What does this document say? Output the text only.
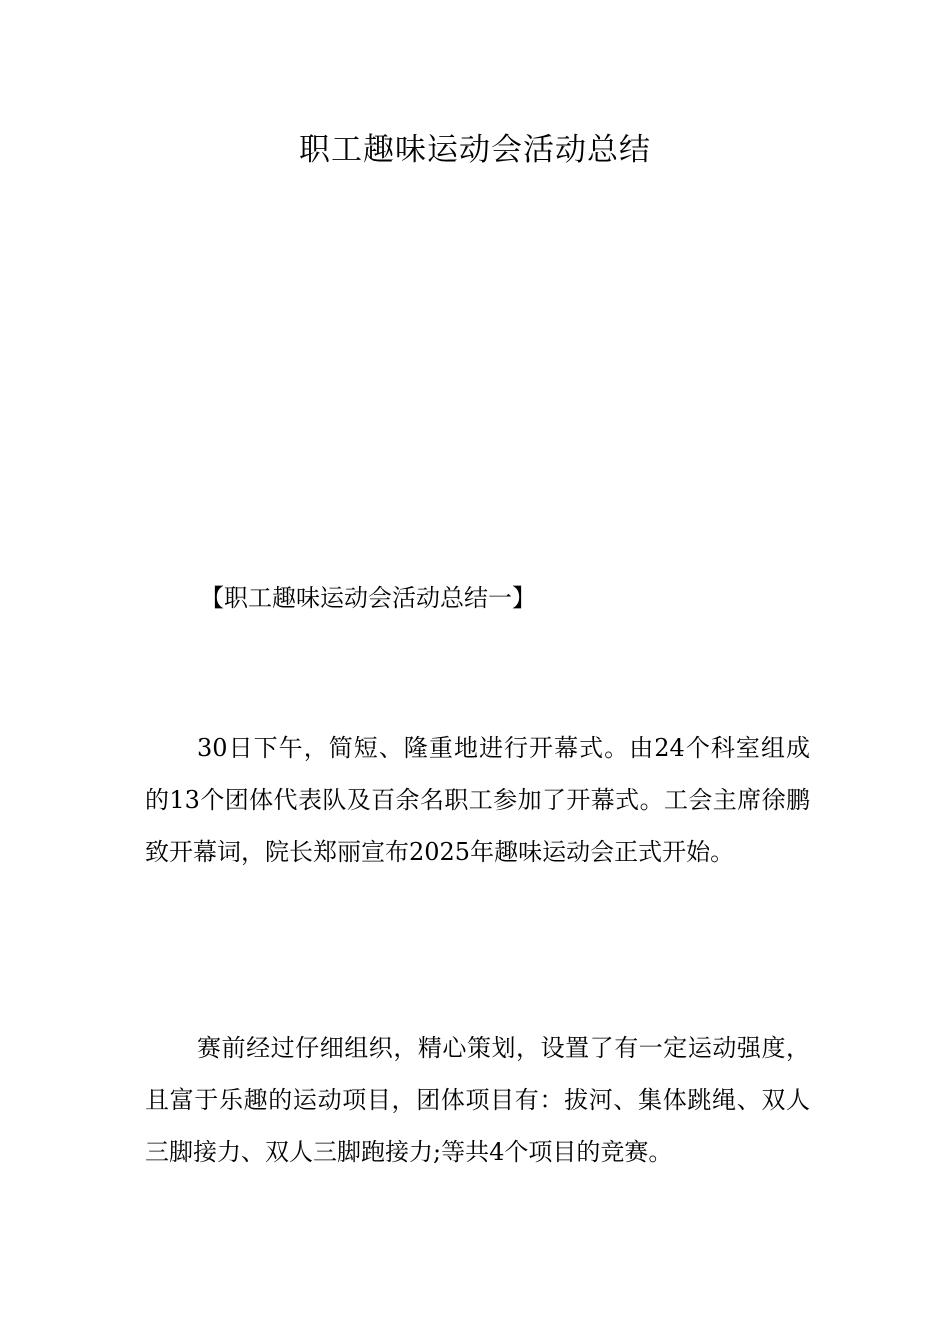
职工趣味运动会活动总结

【职工趣味运动会活动总结一】

30日下午，简短、隆重地进行开幕式。由24个科室组成的13个团体代表队及百余名职工参加了开幕式。工会主席徐鹏致开幕词，院长郑丽宣布2025年趣味运动会正式开始。

赛前经过仔细组织，精心策划，设置了有一定运动强度，且富于乐趣的运动项目，团体项目有：拔河、集体跳绳、双人三脚接力、双人三脚跑接力;等共4个项目的竞赛。
